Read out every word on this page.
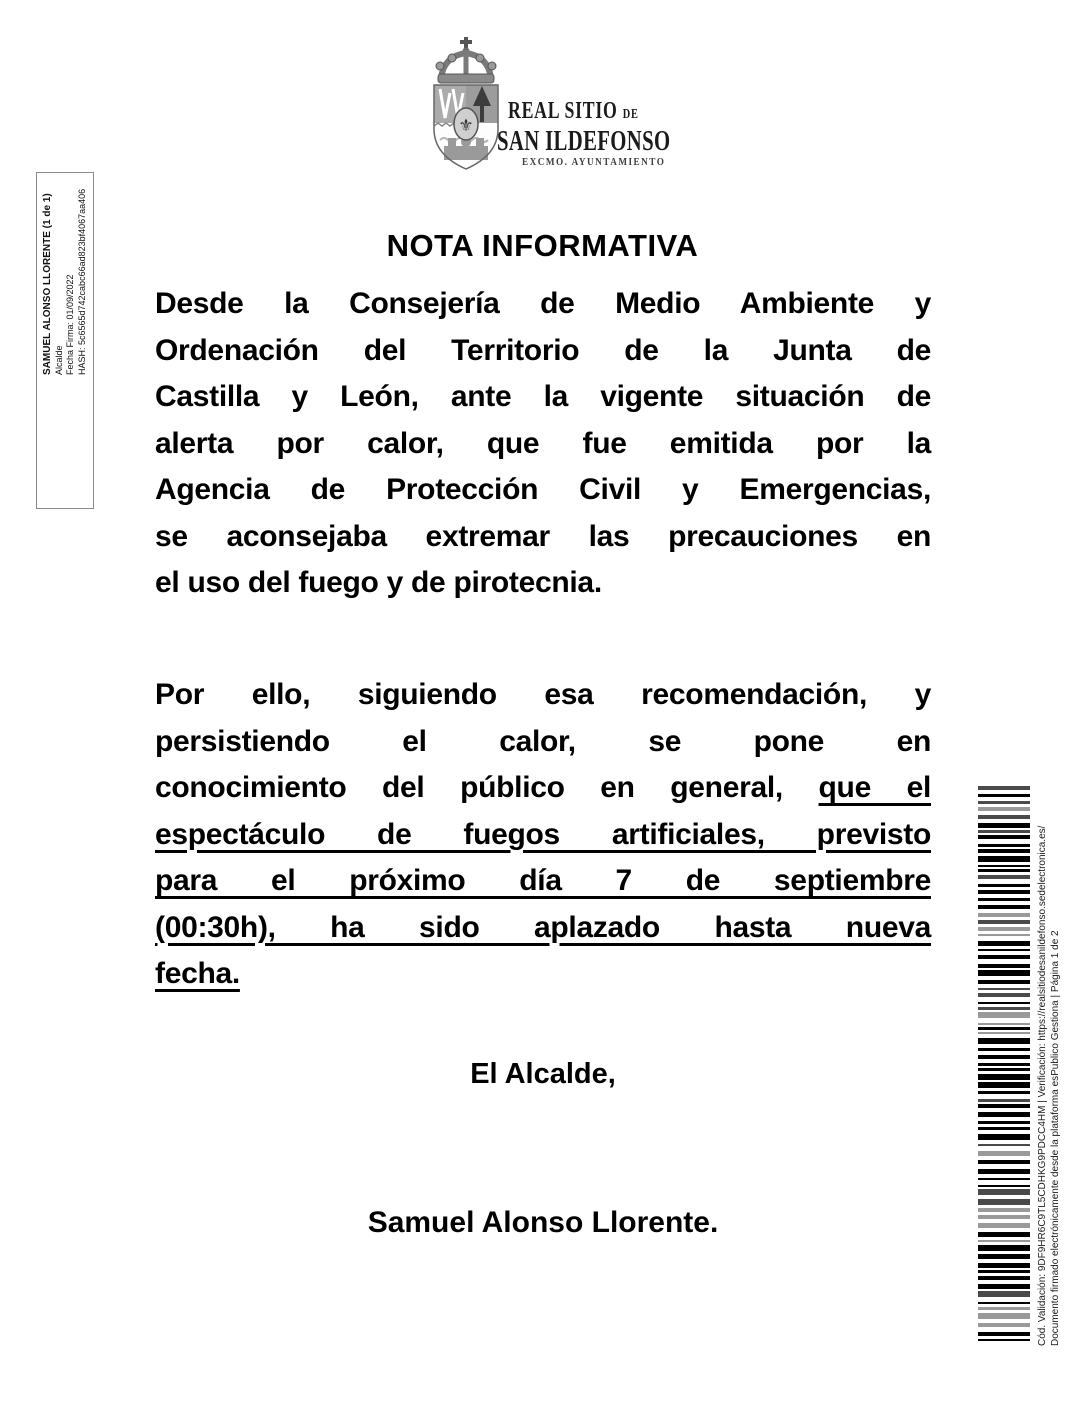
SAMUEL ALONSO LLORENTE (1 de 1) Alcalde Fecha Firma: 01/09/2022 HASH: 5c6565d742cabc66ad823bf4067aa406
⚜
REAL SITIO DE
SAN ILDEFONSO
EXCMO. AYUNTAMIENTO
NOTA INFORMATIVA
Desde la Consejería de Medio Ambiente y
Ordenación del Territorio de la Junta de
Castilla y León, ante la vigente situación de
alerta por calor, que fue emitida por la
Agencia de Protección Civil y Emergencias,
se aconsejaba extremar las precauciones en
el uso del fuego y de pirotecnia.
Por ello, siguiendo esa recomendación, y
persistiendo el calor, se pone en
conocimiento del público en general, que el
espectáculo de fuegos artificiales, previsto
para el próximo día 7 de septiembre
(00:30h), ha sido aplazado hasta nueva
fecha.
El Alcalde,
Samuel Alonso Llorente.	Cód. Validación: 9DF9HR6C9TL5CDHKG9PDCC4HM | Verificación: https://realsitiodesanildefonso.sedelectronica.es/ Documento firmado electrónicamente desde la plataforma esPublico Gestiona | Página 1 de 2
